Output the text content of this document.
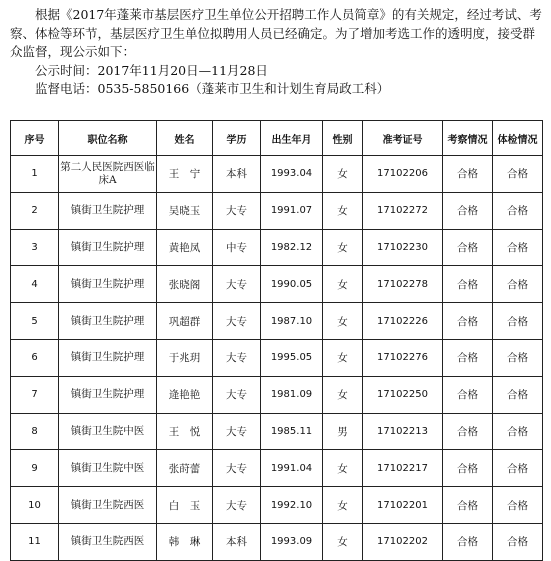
根据《2017年蓬莱市基层医疗卫生单位公开招聘工作人员简章》的有关规定，经过考试、考察、体检等环节，基层医疗卫生单位拟聘用人员已经确定。为了增加考选工作的透明度，接受群众监督，现公示如下：

公示时间：2017年11月20日—11月28日

监督电话：0535-5850166（蓬莱市卫生和计划生育局政工科）

序号	职位名称	姓名	学历	出生年月	性别	准考证号	考察情况	体检情况
1	第二人民医院西医临床A	王　宁	本科	1993.04	女	17102206	合格	合格
2	镇街卫生院护理	吴晓玉	大专	1991.07	女	17102272	合格	合格
3	镇街卫生院护理	黄艳凤	中专	1982.12	女	17102230	合格	合格
4	镇街卫生院护理	张晓阁	大专	1990.05	女	17102278	合格	合格
5	镇街卫生院护理	巩超群	大专	1987.10	女	17102226	合格	合格
6	镇街卫生院护理	于兆玥	大专	1995.05	女	17102276	合格	合格
7	镇街卫生院护理	逄艳艳	大专	1981.09	女	17102250	合格	合格
8	镇街卫生院中医	王　悦	大专	1985.11	男	17102213	合格	合格
9	镇街卫生院中医	张莳蕾	大专	1991.04	女	17102217	合格	合格
10	镇街卫生院西医	白　玉	大专	1992.10	女	17102201	合格	合格
11	镇街卫生院西医	韩　琳	本科	1993.09	女	17102202	合格	合格
